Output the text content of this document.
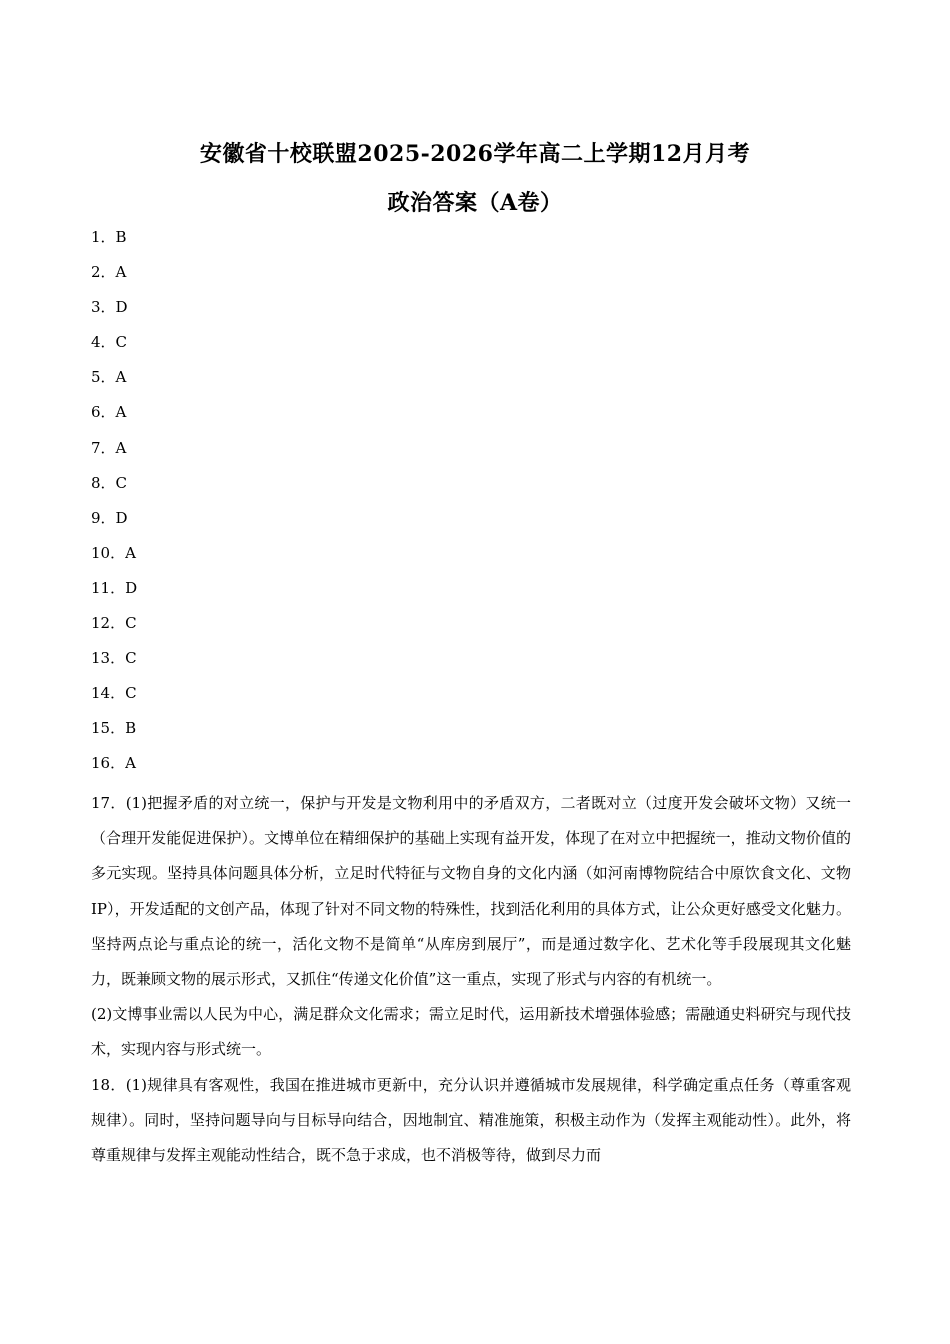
安徽省十校联盟2025-2026学年高二上学期12月月考
政治答案（A卷）
1．B
2．A
3．D
4．C
5．A
6．A
7．A
8．C
9．D
10．A
11．D
12．C
13．C
14．C
15．B
16．A

17．(1)把握矛盾的对立统一，保护与开发是文物利用中的矛盾双方，二者既对立（过度开发会破坏文物）又统一（合理开发能促进保护）。文博单位在精细保护的基础上实现有益开发，体现了在对立中把握统一，推动文物价值的多元实现。坚持具体问题具体分析，立足时代特征与文物自身的文化内涵（如河南博物院结合中原饮食文化、文物IP），开发适配的文创产品，体现了针对不同文物的特殊性，找到活化利用的具体方式，让公众更好感受文化魅力。坚持两点论与重点论的统一，活化文物不是简单“从库房到展厅”，而是通过数字化、艺术化等手段展现其文化魅力，既兼顾文物的展示形式，又抓住“传递文化价值”这一重点，实现了形式与内容的有机统一。

(2)文博事业需以人民为中心，满足群众文化需求；需立足时代，运用新技术增强体验感；需融通史料研究与现代技术，实现内容与形式统一。

18．(1)规律具有客观性，我国在推进城市更新中，充分认识并遵循城市发展规律，科学确定重点任务（尊重客观规律）。同时，坚持问题导向与目标导向结合，因地制宜、精准施策，积极主动作为（发挥主观能动性）。此外，将尊重规律与发挥主观能动性结合，既不急于求成，也不消极等待，做到尽力而
